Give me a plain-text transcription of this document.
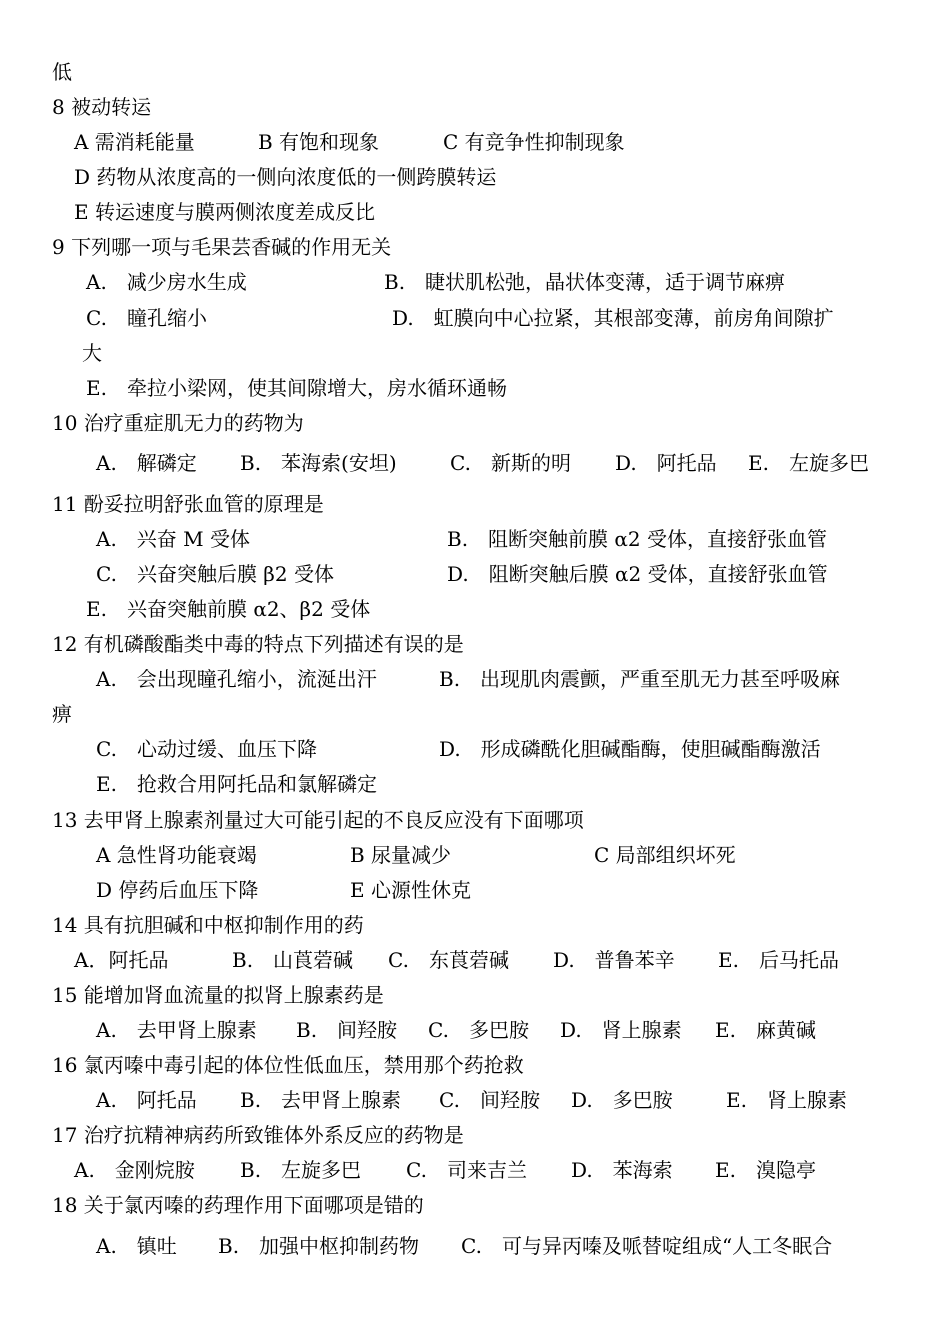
低
8 被动转运
A 需消耗能量	B 有饱和现象	C 有竞争性抑制现象
D 药物从浓度高的一侧向浓度低的一侧跨膜转运
E 转运速度与膜两侧浓度差成反比
9 下列哪一项与毛果芸香碱的作用无关
A.　减少房水生成	B.　睫状肌松弛，晶状体变薄，适于调节麻痹
C.　瞳孔缩小	D.　虹膜向中心拉紧，其根部变薄，前房角间隙扩
大
E.　牵拉小梁网，使其间隙增大，房水循环通畅
10 治疗重症肌无力的药物为
A.　解磷定 B.　苯海索(安坦)	C.　新斯的明 D.　阿托品 E.　左旋多巴
11 酚妥拉明舒张血管的原理是
A.　兴奋 M 受体	B.　阻断突触前膜 α2 受体，直接舒张血管
C.　兴奋突触后膜 β2 受体	D.　阻断突触后膜 α2 受体，直接舒张血管
E.　兴奋突触前膜 α2、β2 受体
12 有机磷酸酯类中毒的特点下列描述有误的是
A.　会出现瞳孔缩小，流涎出汗	B.　出现肌肉震颤，严重至肌无力甚至呼吸麻
痹
C.　心动过缓、血压下降	D.　形成磷酰化胆碱酯酶，使胆碱酯酶激活
E.　抢救合用阿托品和氯解磷定
13 去甲肾上腺素剂量过大可能引起的不良反应没有下面哪项
A 急性肾功能衰竭	B 尿量减少	C 局部组织坏死
D 停药后血压下降	E 心源性休克
14 具有抗胆碱和中枢抑制作用的药
A．阿托品	B.　山莨菪碱 C.　东莨菪碱 D.　普鲁苯辛 E.　后马托品
15 能增加肾血流量的拟肾上腺素药是
A.　去甲肾上腺素 B.　间羟胺 C.　多巴胺 D.　肾上腺素 E.　麻黄碱
16 氯丙嗪中毒引起的体位性低血压，禁用那个药抢救
A.　阿托品 B.　去甲肾上腺素 C.　间羟胺 D.　多巴胺	E.　肾上腺素
17 治疗抗精神病药所致锥体外系反应的药物是
A.　金刚烷胺 B.　左旋多巴 C.　司来吉兰 D.　苯海索 E.　溴隐亭
18 关于氯丙嗪的药理作用下面哪项是错的
A.　镇吐 B.　加强中枢抑制药物 C.　可与异丙嗪及哌替啶组成“人工冬眠合
